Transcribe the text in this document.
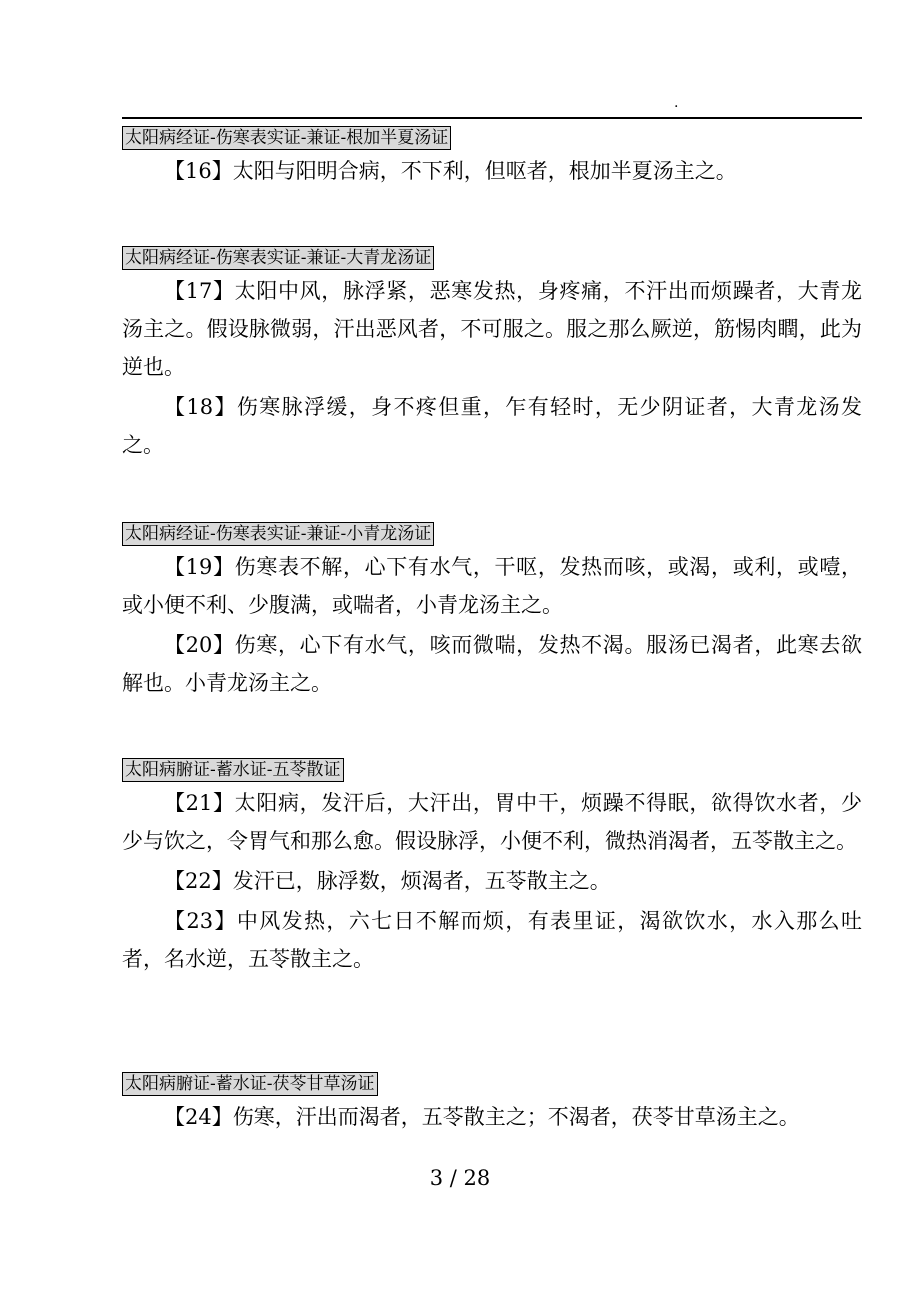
.
太阳病经证-伤寒表实证-兼证-根加半夏汤证

【16】太阳与阳明合病，不下利，但呕者，根加半夏汤主之。

太阳病经证-伤寒表实证-兼证-大青龙汤证

【17】太阳中风，脉浮紧，恶寒发热，身疼痛，不汗出而烦躁者，大青龙汤主之。假设脉微弱，汗出恶风者，不可服之。服之那么厥逆，筋惕肉瞤，此为逆也。

【18】伤寒脉浮缓，身不疼但重，乍有轻时，无少阴证者，大青龙汤发之。

太阳病经证-伤寒表实证-兼证-小青龙汤证

【19】伤寒表不解，心下有水气，干呕，发热而咳，或渴，或利，或噎，或小便不利、少腹满，或喘者，小青龙汤主之。

【20】伤寒，心下有水气，咳而微喘，发热不渴。服汤已渴者，此寒去欲解也。小青龙汤主之。

太阳病腑证-蓄水证-五苓散证

【21】太阳病，发汗后，大汗出，胃中干，烦躁不得眠，欲得饮水者，少少与饮之，令胃气和那么愈。假设脉浮，小便不利，微热消渴者，五苓散主之。

【22】发汗已，脉浮数，烦渴者，五苓散主之。

【23】中风发热，六七日不解而烦，有表里证，渴欲饮水，水入那么吐者，名水逆，五苓散主之。

太阳病腑证-蓄水证-茯苓甘草汤证

【24】伤寒，汗出而渴者，五苓散主之；不渴者，茯苓甘草汤主之。

3 / 28
